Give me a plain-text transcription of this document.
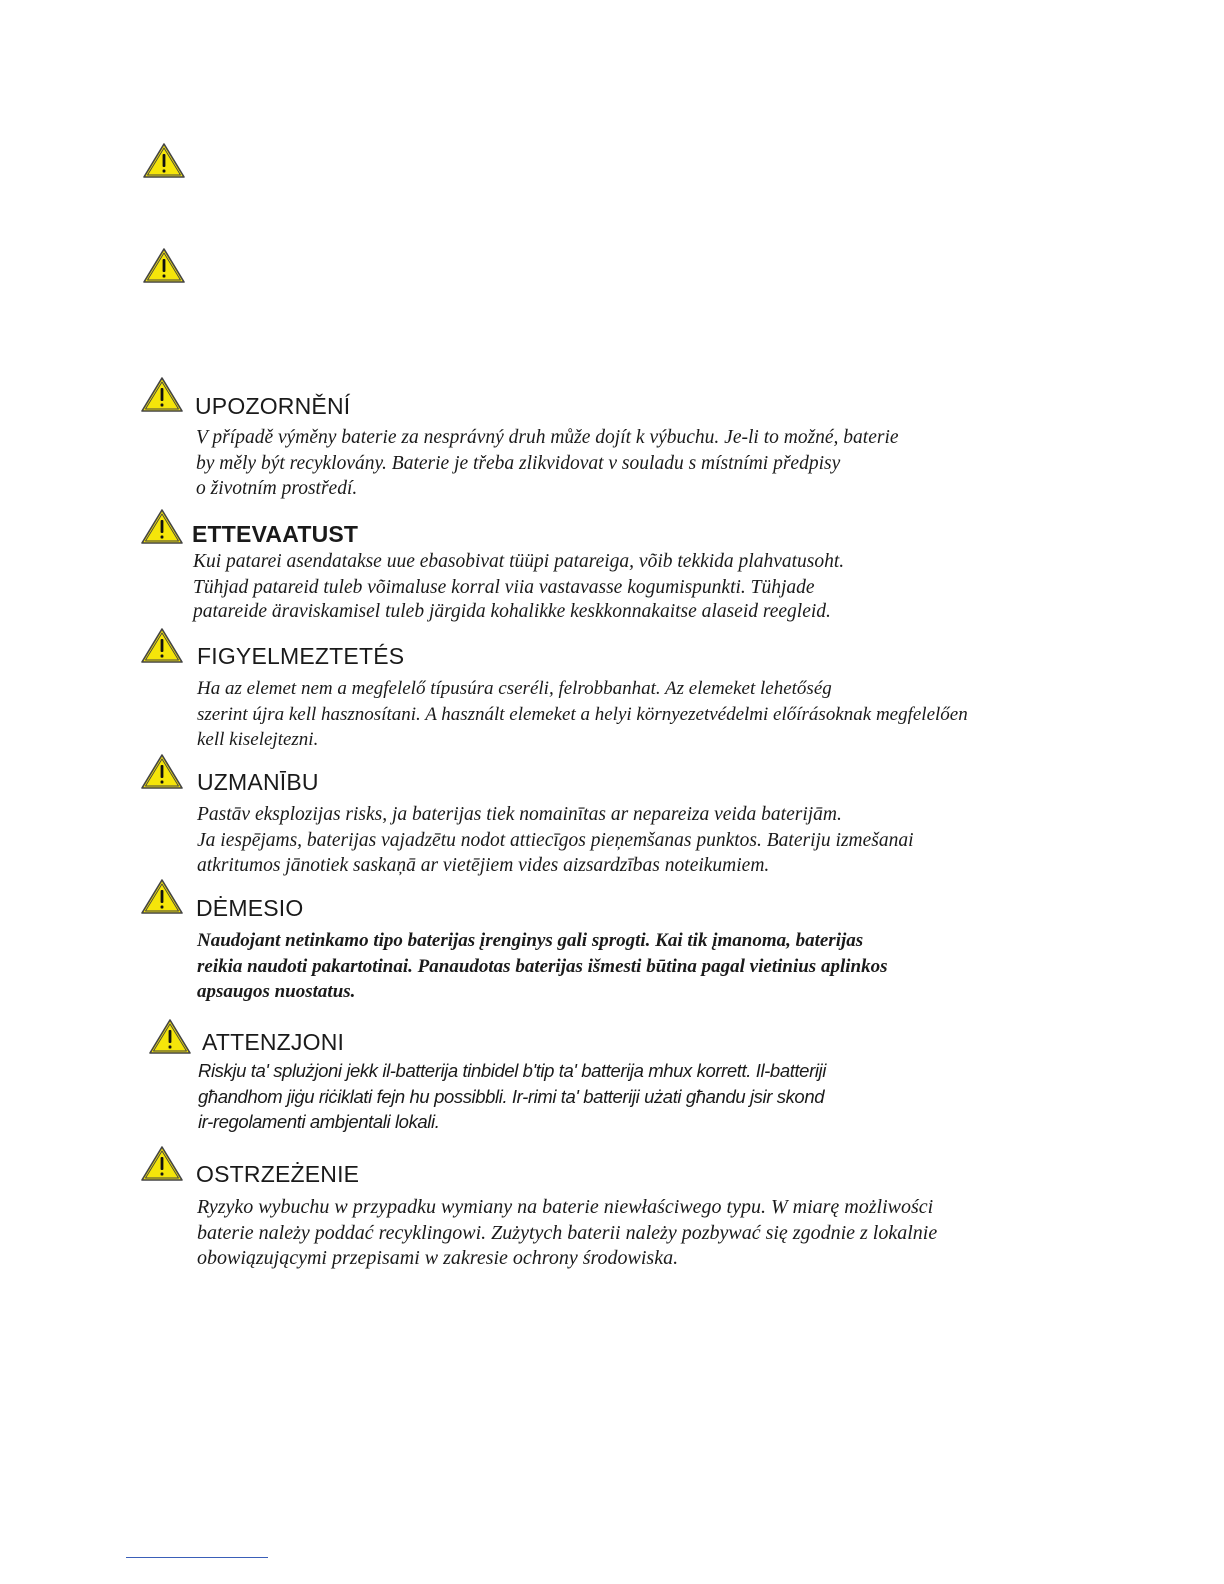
UPOZORNĚNÍ
V případě výměny baterie za nesprávný druh může dojít k výbuchu. Je-li to možné, baterie
by měly být recyklovány. Baterie je třeba zlikvidovat v souladu s místními předpisy
o životním prostředí.
ETTEVAATUST
Kui patarei asendatakse uue ebasobivat tüüpi patareiga, võib tekkida plahvatusoht.
Tühjad patareid tuleb võimaluse korral viia vastavasse kogumispunkti. Tühjade
patareide äraviskamisel tuleb järgida kohalikke keskkonnakaitse alaseid reegleid.
FIGYELMEZTETÉS
Ha az elemet nem a megfelelő típusúra cseréli, felrobbanhat. Az elemeket lehetőség
szerint újra kell hasznosítani. A használt elemeket a helyi környezetvédelmi előírásoknak megfelelően
kell kiselejtezni.
UZMANĪBU
Pastāv eksplozijas risks, ja baterijas tiek nomainītas ar nepareiza veida baterijām.
Ja iespējams, baterijas vajadzētu nodot attiecīgos pieņemšanas punktos. Bateriju izmešanai
atkritumos jānotiek saskaņā ar vietējiem vides aizsardzības noteikumiem.
DĖMESIO
Naudojant netinkamo tipo baterijas įrenginys gali sprogti. Kai tik įmanoma, baterijas
reikia naudoti pakartotinai. Panaudotas baterijas išmesti būtina pagal vietinius aplinkos
apsaugos nuostatus.
ATTENZJONI
Riskju ta' splużjoni jekk il-batterija tinbidel b'tip ta' batterija mhux korrett. Il-batteriji
għandhom jiġu riċiklati fejn hu possibbli. Ir-rimi ta' batteriji użati għandu jsir skond
ir-regolamenti ambjentali lokali.
OSTRZEŻENIE
Ryzyko wybuchu w przypadku wymiany na baterie niewłaściwego typu. W miarę możliwości
baterie należy poddać recyklingowi. Zużytych baterii należy pozbywać się zgodnie z lokalnie
obowiązującymi przepisami w zakresie ochrony środowiska.
